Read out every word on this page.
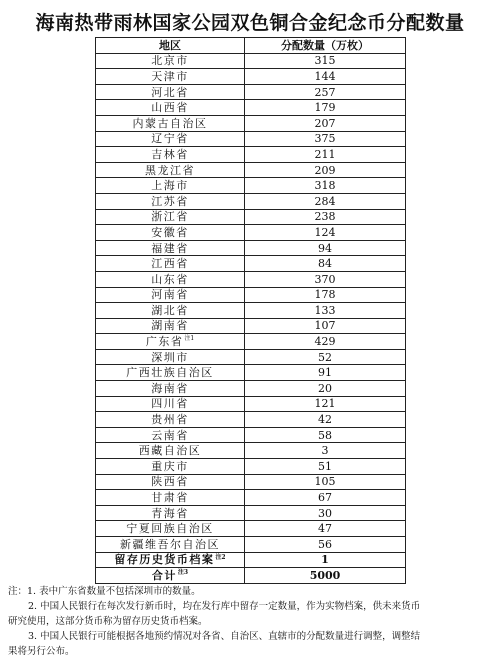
海南热带雨林国家公园双色铜合金纪念币分配数量
地区	分配数量（万枚）
北京市	315
天津市	144
河北省	257
山西省	179
内蒙古自治区	207
辽宁省	375
吉林省	211
黑龙江省	209
上海市	318
江苏省	284
浙江省	238
安徽省	124
福建省	94
江西省	84
山东省	370
河南省	178
湖北省	133
湖南省	107
广东省$^{注1}$	429
深圳市	52
广西壮族自治区	91
海南省	20
四川省	121
贵州省	42
云南省	58
西藏自治区	3
重庆市	51
陕西省	105
甘肃省	67
青海省	30
宁夏回族自治区	47
新疆维吾尔自治区	56
留存历史货币档案$^{注2}$	1
合计$^{注3}$	5000

注：1. 表中广东省数量不包括深圳市的数量。

2. 中国人民银行在每次发行新币时，均在发行库中留存一定数量，作为实物档案，供未来货币

研究使用，这部分货币称为留存历史货币档案。

3. 中国人民银行可能根据各地预约情况对各省、自治区、直辖市的分配数量进行调整，调整结

果将另行公布。
